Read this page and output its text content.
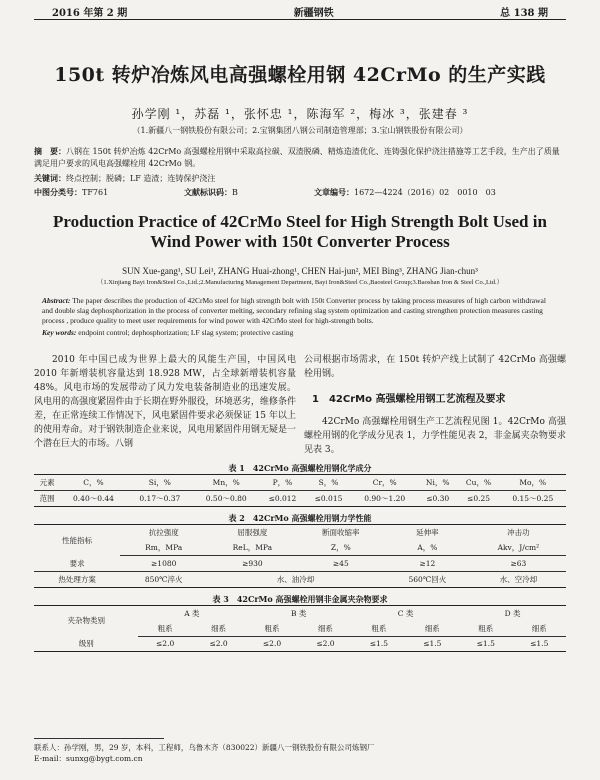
2016 年第 2 期	新疆钢铁	总 138 期
150t 转炉冶炼风电高强螺栓用钢 42CrMo 的生产实践
孙学刚 ¹，苏磊 ¹，张怀忠 ¹，陈海军 ²，梅冰 ³，张建春 ³
（1.新疆八一钢铁股份有限公司；2.宝钢集团八钢公司制造管理部；3.宝山钢铁股份有限公司）
摘　要：八钢在 150t 转炉冶炼 42CrMo 高强螺栓用钢中采取高拉碳、双渣脱磷、精炼造渣优化、连铸强化保护浇注措施等工艺手段，生产出了质量满足用户要求的风电高强螺栓用 42CrMo 钢。
关键词：终点控制；脱磷；LF 造渣；连铸保护浇注
中图分类号：TF761	文献标识码：B	文章编号：1672—4224（2016）02　0010　03
Production Practice of 42CrMo Steel for High Strength Bolt Used in Wind Power with 150t Converter Process
SUN Xue-gang¹, SU Lei¹, ZHANG Huai-zhong¹, CHEN Hai-jun², MEI Bing³, ZHANG Jian-chun³
（1.Xinjiang Bayi Iron&Steel Co.,Ltd.;2.Manufacturing Management Department, Bayi Iron&Steel Co.,Baosteel Group;3.Baoshan Iron & Steel Co.,Ltd.）
Abstract: The paper describes the production of 42CrMo steel for high strength bolt with 150t Converter process by taking process measures of high carbon withdrawal and double slag dephosphorization in the process of converter melting, secondary refining slag system optimization and casting strengthen protection measures casting process , produce quality to meet user requirements for wind power with 42CrMo steel for high-strength bolts.
Key words: endpoint control; dephosphorization; LF slag system; protective casting

2010 年中国已成为世界上最大的风能生产国，中国风电 2010 年新增装机容量达到 18.928 MW，占全球新增装机容量 48%。风电市场的发展带动了风力发电装备制造业的迅速发展。风电用的高强度紧固件由于长期在野外服役，环境恶劣，维修条件差，在正常连续工作情况下，风电紧固件要求必须保证 15 年以上的使用寿命。对于钢铁制造企业来说，风电用紧固件用钢无疑是一个潜在巨大的市场。八钢

公司根据市场需求，在 150t 转炉产线上试制了 42CrMo 高强螺栓用钢。

1　42CrMo 高强螺栓用钢工艺流程及要求

42CrMo 高强螺栓用钢生产工艺流程见图 1。42CrMo 高强螺栓用钢的化学成分见表 1，力学性能见表 2，非金属夹杂物要求见表 3。

表 1　42CrMo 高强螺栓用钢化学成分
元素	C，%	Si，%	Mn，%	P，%	S，%	Cr，%	Ni，%	Cu，%	Mo，%
范围	0.40～0.44	0.17～0.37	0.50～0.80	≤0.012	≤0.015	0.90～1.20	≤0.30	≤0.25	0.15～0.25
表 2　42CrMo 高强螺栓用钢力学性能
性能指标	抗拉强度	屈服强度	断面收缩率	延伸率	冲击功
	Rm，MPa	ReL，MPa	Z，%	A，%	Akv，J/cm²
要求	≥1080	≥930	≥45	≥12	≥63
热处理方案	850℃淬火	水、油冷却		560℃回火	水、空冷却
表 3　42CrMo 高强螺栓用钢非金属夹杂物要求
夹杂物类别	A 类		B 类		C 类		D 类	
	粗系	细系	粗系	细系	粗系	细系	粗系	细系
级别	≤2.0	≤2.0	≤2.0	≤2.0	≤1.5	≤1.5	≤1.5	≤1.5
联系人：孙学刚，男，29 岁，本科，工程师，乌鲁木齐（830022）新疆八一钢铁股份有限公司炼钢厂
E-mail：sunxg@bygt.com.cn
